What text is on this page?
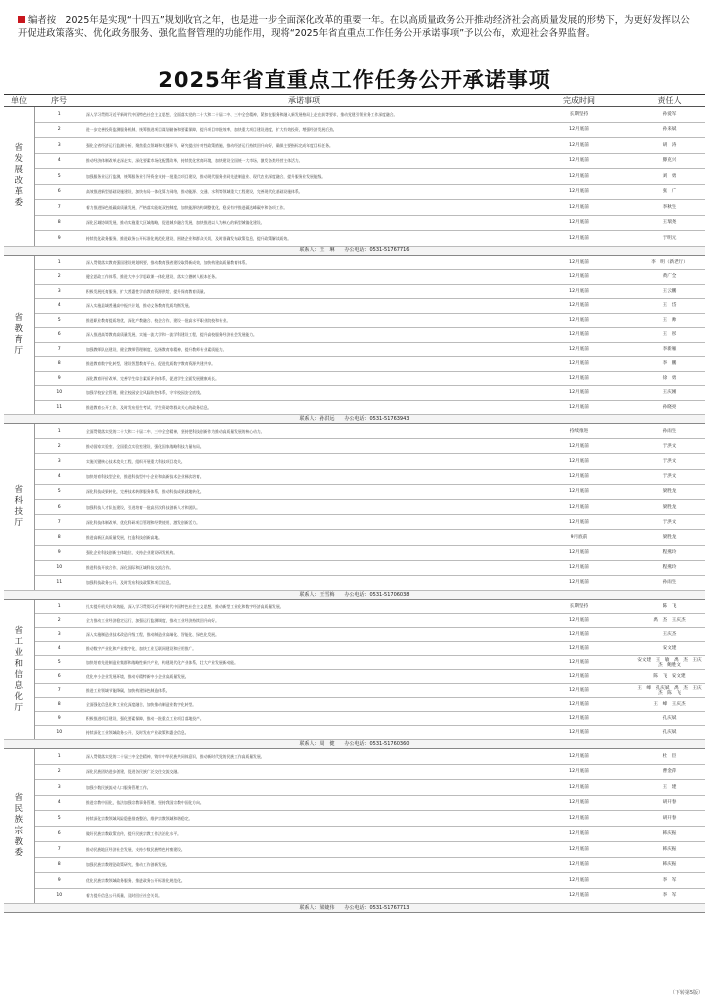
编者按　2025年是实现“十四五”规划收官之年，也是进一步全面深化改革的重要一年。在以高质量政务公开推动经济社会高质量发展的形势下，为更好发挥以公开促进政策落实、优化政务服务、强化监督管理的功能作用，现将“2025年省直重点工作任务公开承诺事项”予以公布，欢迎社会各界监督。
2025年省直重点工作任务公开承诺事项
单位	序号	承诺事项	完成时间	责任人
省发展改革委	1	深入学习贯彻习近平新时代中国特色社会主义思想，全面落实党的二十大和二十届二中、三中全会精神，紧扣在服务和融入新发展格局上走在前等要求，推动党建引领业务工作深度融合。	长期坚持	孙爱军
	2	进一步完善投资监测服务机制，统筹推进项目谋划储备和要素保障，提升项目审批效率，加快重大项目建设进度，扩大有效投资，增强经济发展后劲。	12月底前	孙来斌
	3	强化全省经济运行监测分析，聚焦重点领域和关键环节，研究提出针对性政策措施，推动经济运行持续回升向好，确保主要指标完成年度目标任务。	12月底前	胡　涛
	4	推动经济体制改革走深走实，深化要素市场化配置改革，持续优化营商环境，加快建设全国统一大市场，激发各类经营主体活力。	12月底前	滕克兴
	5	加强服务业运行监测，统筹服务业引导资金支持一批重点项目建设，推动现代服务业同先进制造业、现代农业深度融合，提升服务业发展能级。	12月底前	刘　勇
	6	高效推进新型基础设施建设，加快布局一体化算力网络，推动能源、交通、水利等领域重大工程建设，完善现代化基础设施体系。	12月底前	张　广
	7	着力推进绿色低碳高质量发展，严格落实能耗双控制度，加快能源结构调整优化，稳妥有序推进碳达峰碳中和各项工作。	12月底前	李秋生
	8	深化区域协调发展，推动实施重大区域战略，促进城乡融合发展，加快推进以人为核心的新型城镇化建设。	12月底前	王瑞尧
	9	持续优化政务服务，推进政务公开标准化规范化建设，围绕企业和群众关切，及时准确发布政策信息，提升政策解读质效。	12月底前	于明元
联系人：王　琳　　办公电话：0531-51767716				
省教育厅	1	深入贯彻落实教育强国建设规划纲要，推动教育强省建设取得新成效，加快构建高质量教育体系。	12月底前	李　明（新老厅）
	2	健全思政工作体系，推进大中小学思政课一体化建设，落实立德树人根本任务。	12月底前	黄广全
	3	积极发展托育服务，扩大普惠性学前教育资源供给，提升保育教育质量。	12月底前	王云鹏
	4	深入实施县域普通高中振兴计划，推动义务教育优质均衡发展。	12月底前	王　岱
	5	推进职业教育提质培优，深化产教融合、校企合作，建设一批高水平职业院校和专业。	12月底前	王　帅
	6	深入推进高等教育高质量发展，实施一流大学和一流学科建设工程，提升高校服务经济社会发展能力。	12月底前	王　彤
	7	加强教师队伍建设，健全教师管理制度，弘扬教育家精神，提升教师专业素质能力。	12月底前	李新雁
	8	推进教育数字化转型，建设智慧教育平台，促进优质数字教育资源共建共享。	12月底前	李　鹏
	9	深化教育评价改革，完善学生综合素质评价体系，促进学生全面发展健康成长。	12月底前	徐　勇
	10	加强学校安全管理，健全校园安全风险防控体系，守牢校园安全底线。	12月底前	王庆刚
	11	推进教育公开工作，及时发布招生考试、学生资助等群众关心的政务信息。	12月底前	孙晓亮
联系人：孙洪远　　办公电话：0531-51763943				
省科技厅	1	全面贯彻落实党的二十大和二十届二中、三中全会精神，坚持把科技创新作为推动高质量发展的核心动力。	持续推进	孙雨生
	2	推动国家实验室、全国重点实验室建设，强化国家战略科技力量布局。	12月底前	于洪文
	3	实施关键核心技术攻关工程，组织开展重大科技项目攻关。	12月底前	于洪文
	4	加快培育科技型企业，推进科技型中小企业和高新技术企业梯次培育。	12月底前	于洪文
	5	深化科技成果转化，完善技术转移服务体系，推动科技成果就地转化。	12月底前	梁胜龙
	6	加强科技人才队伍建设，引进培育一批高层次科技创新人才和团队。	12月底前	梁胜龙
	7	深化科技体制改革，优化科研项目管理和经费使用，激发创新活力。	12月底前	于洪文
	8	推进高新区高质量发展，打造科技创新高地。	9月底前	梁胜龙
	9	强化企业科技创新主体地位，支持企业建设研发机构。	12月底前	程燕玲
	10	推进科技开放合作，深化国际和区域科技交流合作。	12月底前	程燕玲
	11	加强科技政务公开，及时发布科技政策和项目信息。	12月底前	孙雨生
联系人：王雪梅　　办公电话：0531-51706038				
省工业和信息化厅	1	扎实提升机关作风效能，深入学习贯彻习近平新时代中国特色社会主义思想，推动新型工业化和数字经济高质量发展。	长期坚持	陈　飞
	2	全力推动工业经济稳定运行，加强运行监测调度，推动工业经济持续回升向好。	12月底前	禹　杰　王庆杰
	3	深入实施制造业技术改造升级工程，推动制造业高端化、智能化、绿色化发展。	12月底前	王庆杰
	4	推动数字产业化和产业数字化，加快工业互联网建设和应用推广。	12月底前	安文建
	5	加快培育先进制造业集群和战略性新兴产业，构建现代化产业体系，壮大产业发展新动能。	12月底前	安文建　王　敏　禹　杰　王庆杰　鲍胜文
	6	优化中小企业发展环境，推动专精特新中小企业高质量发展。	12月底前	陈　飞　安文建
	7	推进工业领域节能降碳，加快构建绿色制造体系。	12月底前	王　峰　孔庆斌　禹　杰　王庆杰　陈　飞
	8	全面强化信息化和工业化深度融合，加快推动制造业数字化转型。	12月底前	王　峰　王庆杰
	9	积极推进项目建设，强化要素保障，推动一批重点工业项目落地投产。	12月底前	孔庆斌
	10	持续深化工业领域政务公开，及时发布产业政策和惠企信息。	12月底前	孔庆斌
联系人：周　健　　办公电话：0531-51760360				
省民族宗教委	1	深入贯彻落实党的二十届三中全会精神，铸牢中华民族共同体意识，推动新时代党的民族工作高质量发展。	12月底前	杜　臣
	2	深化民族团结进步创建，促进各民族广泛交往交流交融。	12月底前	曹金萍
	3	加强少数民族流动人口服务管理工作。	12月底前	王　建
	4	推进宗教中国化，依法加强宗教事务管理，坚持我国宗教中国化方向。	12月底前	胡开春
	5	持续深化宗教领域风险隐患排查整治，维护宗教领域和谐稳定。	12月底前	胡开春
	6	做好民族宗教政策宣传，提升民族宗教工作法治化水平。	12月底前	韩庆振
	7	推动民族地区经济社会发展，支持少数民族特色村寨建设。	12月底前	韩庆振
	8	加强民族宗教理论政策研究，推动工作创新发展。	12月底前	韩庆振
	9	优化民族宗教领域政务服务，推进政务公开标准化规范化。	12月底前	李　军
	10	着力提升信息公开质量，及时回应社会关切。	12月底前	李　军
联系人：梁婕伟　　办公电话：0531-51767713				
（下转第5版）
